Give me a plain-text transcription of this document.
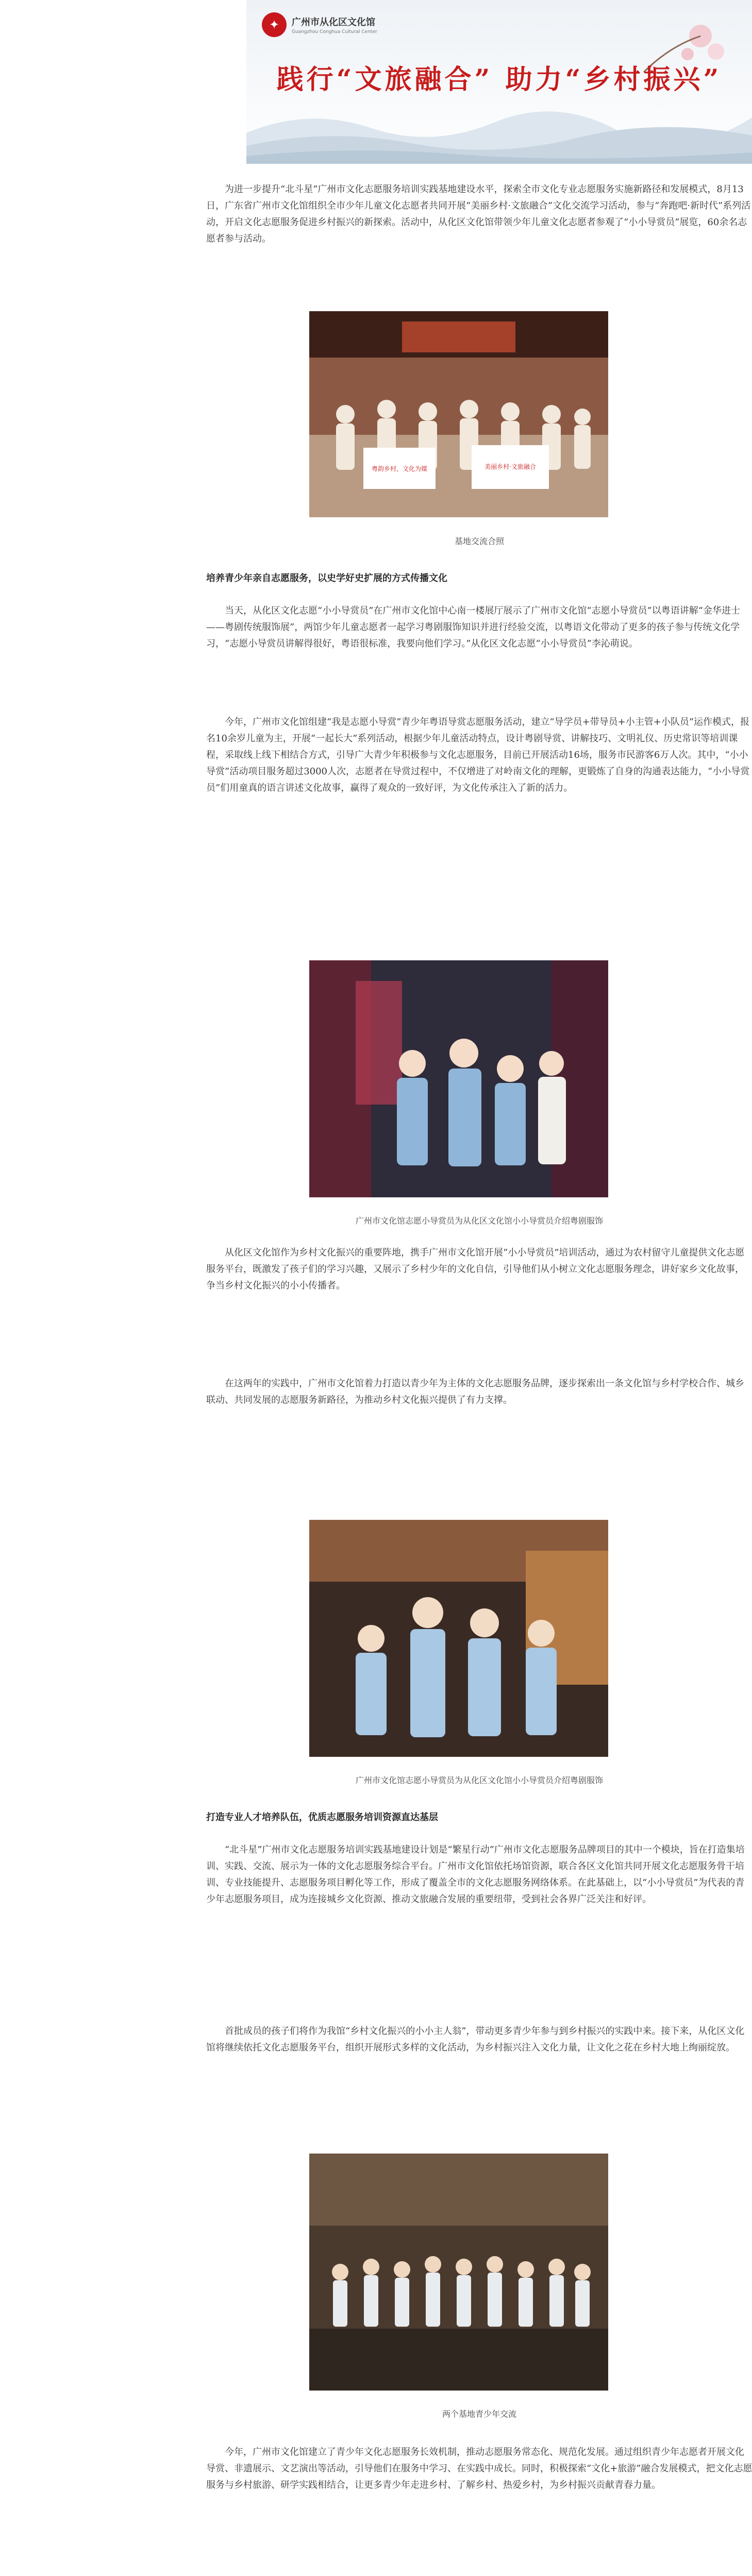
✦	广州市从化区文化馆
Guangzhou Conghua Cultural Center
践行“文旅融合” 助力“乡村振兴”

为进一步提升“北斗星”广州市文化志愿服务培训实践基地建设水平，探索全市文化专业志愿服务实施新路径和发展模式，8月13日，广东省广州市文化馆组织全市少年儿童文化志愿者共同开展“美丽乡村·文旅融合”文化交流学习活动，参与“奔跑吧·新时代”系列活动，开启文化志愿服务促进乡村振兴的新探索。活动中，从化区文化馆带领少年儿童文化志愿者参观了“小小导赏员”展览，60余名志愿者参与活动。

粤韵乡村，文化为媒	美丽乡村·文旅融合
基地交流合照
培养青少年亲自志愿服务，以史学好史扩展的方式传播文化

当天，从化区文化志愿“小小导赏员”在广州市文化馆中心南一楼展厅展示了广州市文化馆“志愿小导赏员”以粤语讲解“金华进士——粤剧传统服饰展”，两馆少年儿童志愿者一起学习粤剧服饰知识并进行经验交流，以粤语文化带动了更多的孩子参与传统文化学习，“志愿小导赏员讲解得很好，粤语很标准，我要向他们学习。”从化区文化志愿“小小导赏员”李沁萌说。

今年，广州市文化馆组建“我是志愿小导赏”青少年粤语导赏志愿服务活动，建立“导学员+带导员+小主管+小队员”运作模式，报名10余岁儿童为主，开展“一起长大”系列活动，根据少年儿童活动特点，设计粤剧导赏、讲解技巧、文明礼仪、历史常识等培训课程，采取线上线下相结合方式，引导广大青少年积极参与文化志愿服务，目前已开展活动16场，服务市民游客6万人次。其中，“小小导赏”活动项目服务超过3000人次，志愿者在导赏过程中，不仅增进了对岭南文化的理解，更锻炼了自身的沟通表达能力，“小小导赏员”们用童真的语言讲述文化故事，赢得了观众的一致好评，为文化传承注入了新的活力。

广州市文化馆志愿小导赏员为从化区文化馆小小导赏员介绍粤剧服饰

从化区文化馆作为乡村文化振兴的重要阵地，携手广州市文化馆开展“小小导赏员”培训活动，通过为农村留守儿童提供文化志愿服务平台，既激发了孩子们的学习兴趣，又展示了乡村少年的文化自信，引导他们从小树立文化志愿服务理念，讲好家乡文化故事，争当乡村文化振兴的小小传播者。

在这两年的实践中，广州市文化馆着力打造以青少年为主体的文化志愿服务品牌，逐步探索出一条文化馆与乡村学校合作、城乡联动、共同发展的志愿服务新路径，为推动乡村文化振兴提供了有力支撑。

广州市文化馆志愿小导赏员为从化区文化馆小小导赏员介绍粤剧服饰
打造专业人才培养队伍，优质志愿服务培训资源直达基层

“北斗星”广州市文化志愿服务培训实践基地建设计划是“繁星行动”广州市文化志愿服务品牌项目的其中一个模块，旨在打造集培训、实践、交流、展示为一体的文化志愿服务综合平台。广州市文化馆依托场馆资源，联合各区文化馆共同开展文化志愿服务骨干培训、专业技能提升、志愿服务项目孵化等工作，形成了覆盖全市的文化志愿服务网络体系。在此基础上，以“小小导赏员”为代表的青少年志愿服务项目，成为连接城乡文化资源、推动文旅融合发展的重要纽带，受到社会各界广泛关注和好评。

首批成员的孩子们将作为我馆“乡村文化振兴的小小主人翁”，带动更多青少年参与到乡村振兴的实践中来。接下来，从化区文化馆将继续依托文化志愿服务平台，组织开展形式多样的文化活动，为乡村振兴注入文化力量，让文化之花在乡村大地上绚丽绽放。

两个基地青少年交流

今年，广州市文化馆建立了青少年文化志愿服务长效机制，推动志愿服务常态化、规范化发展。通过组织青少年志愿者开展文化导赏、非遗展示、文艺演出等活动，引导他们在服务中学习、在实践中成长。同时，积极探索“文化+旅游”融合发展模式，把文化志愿服务与乡村旅游、研学实践相结合，让更多青少年走进乡村、了解乡村、热爱乡村，为乡村振兴贡献青春力量。
